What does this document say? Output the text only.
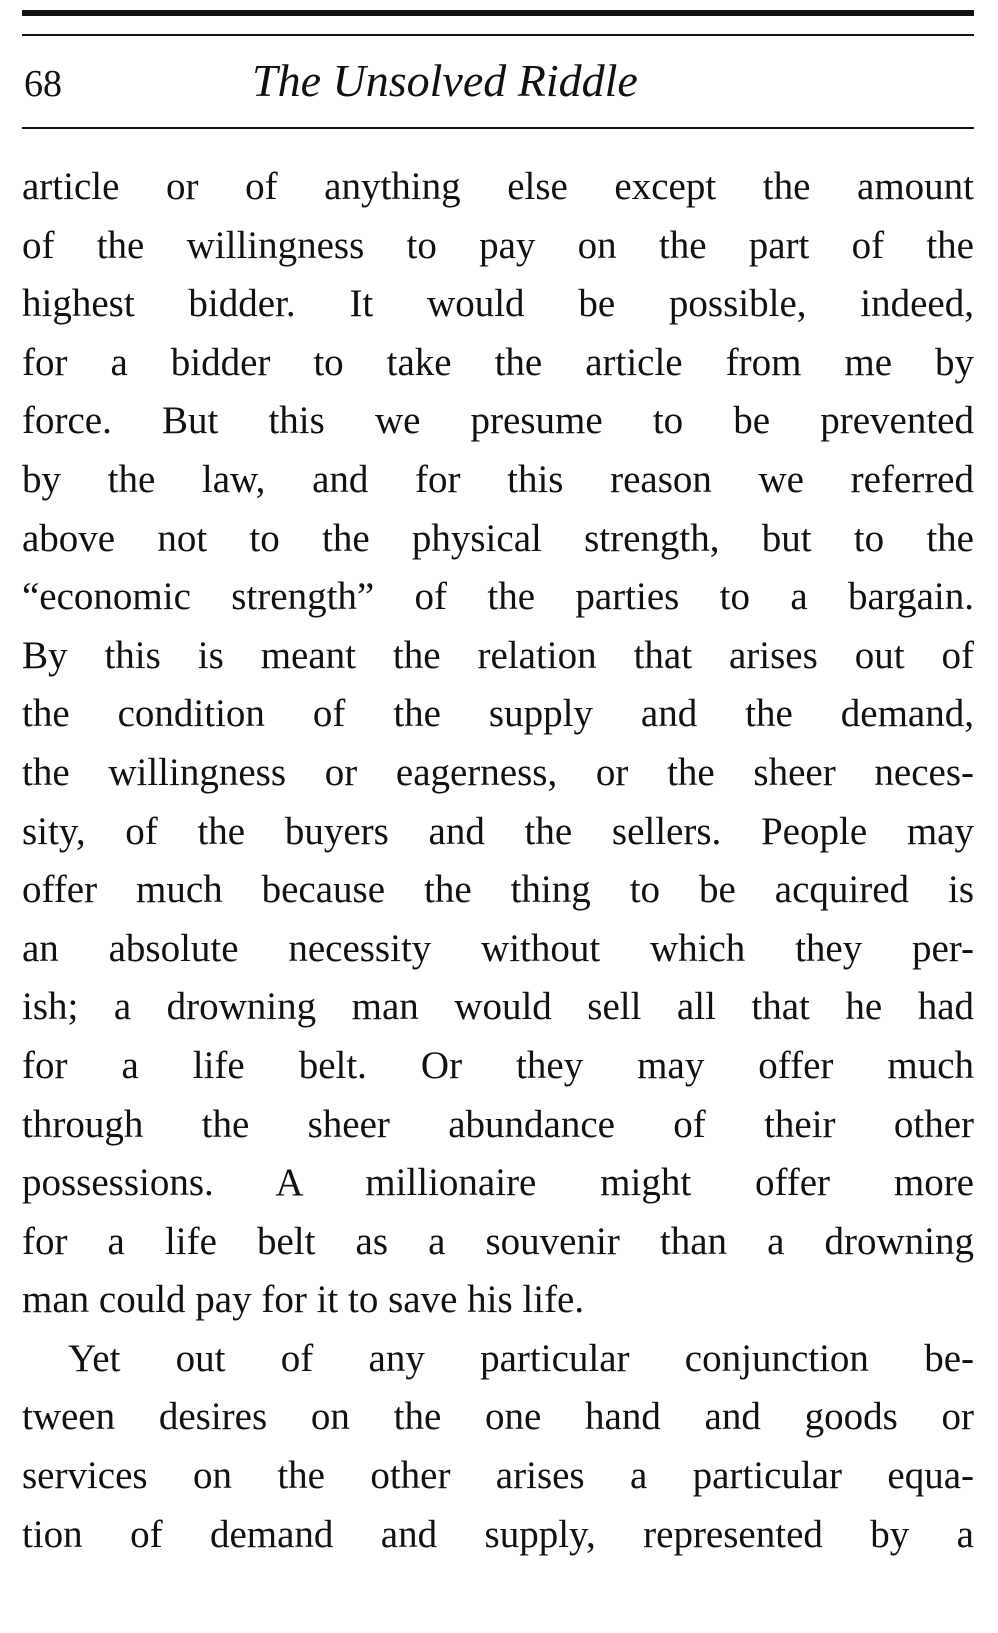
68	The Unsolved Riddle
article or of anything else except the amount
of the willingness to pay on the part of the
highest bidder. It would be possible, indeed,
for a bidder to take the article from me by
force. But this we presume to be prevented
by the law, and for this reason we referred
above not to the physical strength, but to the
“economic strength” of the parties to a bargain.
By this is meant the relation that arises out of
the condition of the supply and the demand,
the willingness or eagerness, or the sheer neces-
sity, of the buyers and the sellers. People may
offer much because the thing to be acquired is
an absolute necessity without which they per-
ish; a drowning man would sell all that he had
for a life belt. Or they may offer much
through the sheer abundance of their other
possessions. A millionaire might offer more
for a life belt as a souvenir than a drowning
man could pay for it to save his life.
Yet out of any particular conjunction be-
tween desires on the one hand and goods or
services on the other arises a particular equa-
tion of demand and supply, represented by a
